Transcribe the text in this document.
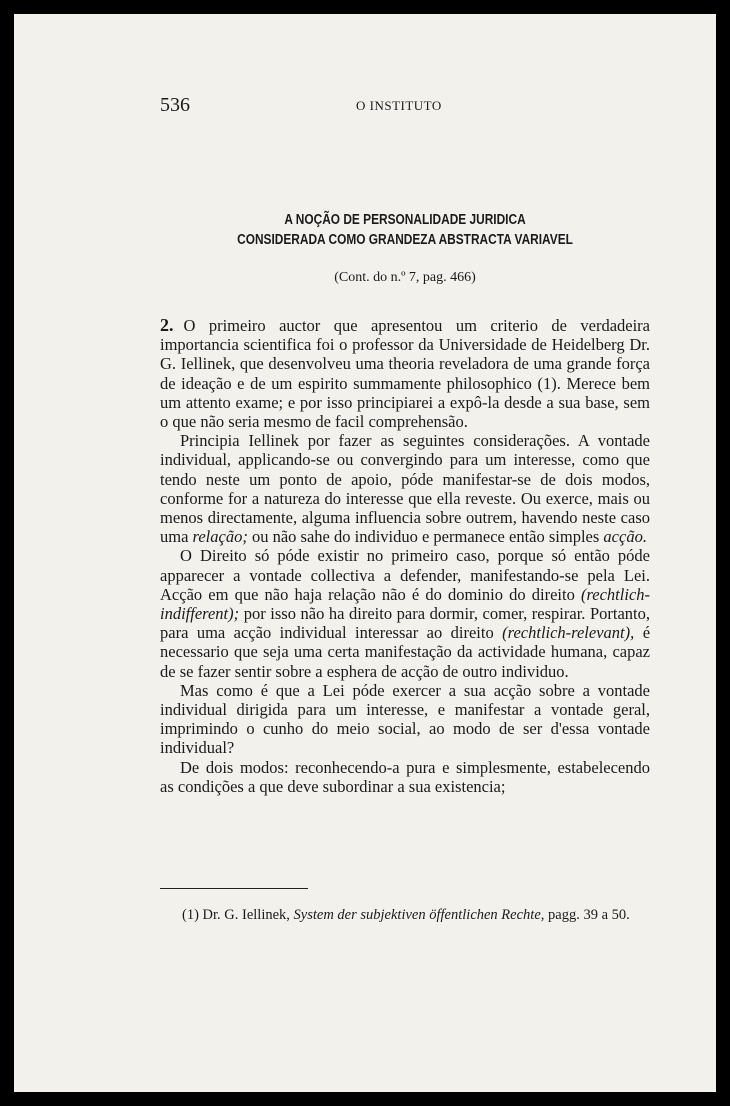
536	O INSTITUTO
A NOÇÃO DE PERSONALIDADE JURIDICA
CONSIDERADA COMO GRANDEZA ABSTRACTA VARIAVEL
(Cont. do n.º 7, pag. 466)

2. O primeiro auctor que apresentou um criterio de verdadeira importancia scientifica foi o professor da Universidade de Heidelberg Dr. G. Iellinek, que desenvolveu uma theoria reveladora de uma grande força de ideação e de um espirito summamente philosophico (1). Merece bem um attento exame; e por isso principiarei a expô-la desde a sua base, sem o que não seria mesmo de facil comprehensão.

Principia Iellinek por fazer as seguintes considerações. A vontade individual, applicando-se ou convergindo para um interesse, como que tendo neste um ponto de apoio, póde manifestar-se de dois modos, conforme for a natureza do interesse que ella reveste. Ou exerce, mais ou menos directamente, alguma influencia sobre outrem, havendo neste caso uma relação; ou não sahe do individuo e permanece então simples acção.

O Direito só póde existir no primeiro caso, porque só então póde apparecer a vontade collectiva a defender, manifestando-se pela Lei. Acção em que não haja relação não é do dominio do direito (rechtlich-indifferent); por isso não ha direito para dormir, comer, respirar. Portanto, para uma acção individual interessar ao direito (rechtlich-relevant), é necessario que seja uma certa manifestação da actividade humana, capaz de se fazer sentir sobre a esphera de acção de outro individuo.

Mas como é que a Lei póde exercer a sua acção sobre a vontade individual dirigida para um interesse, e manifestar a vontade geral, imprimindo o cunho do meio social, ao modo de ser d'essa vontade individual?

De dois modos: reconhecendo-a pura e simplesmente, estabelecendo as condições a que deve subordinar a sua existencia;

(1) Dr. G. Iellinek, System der subjektiven öffentlichen Rechte, pagg. 39 a 50.
